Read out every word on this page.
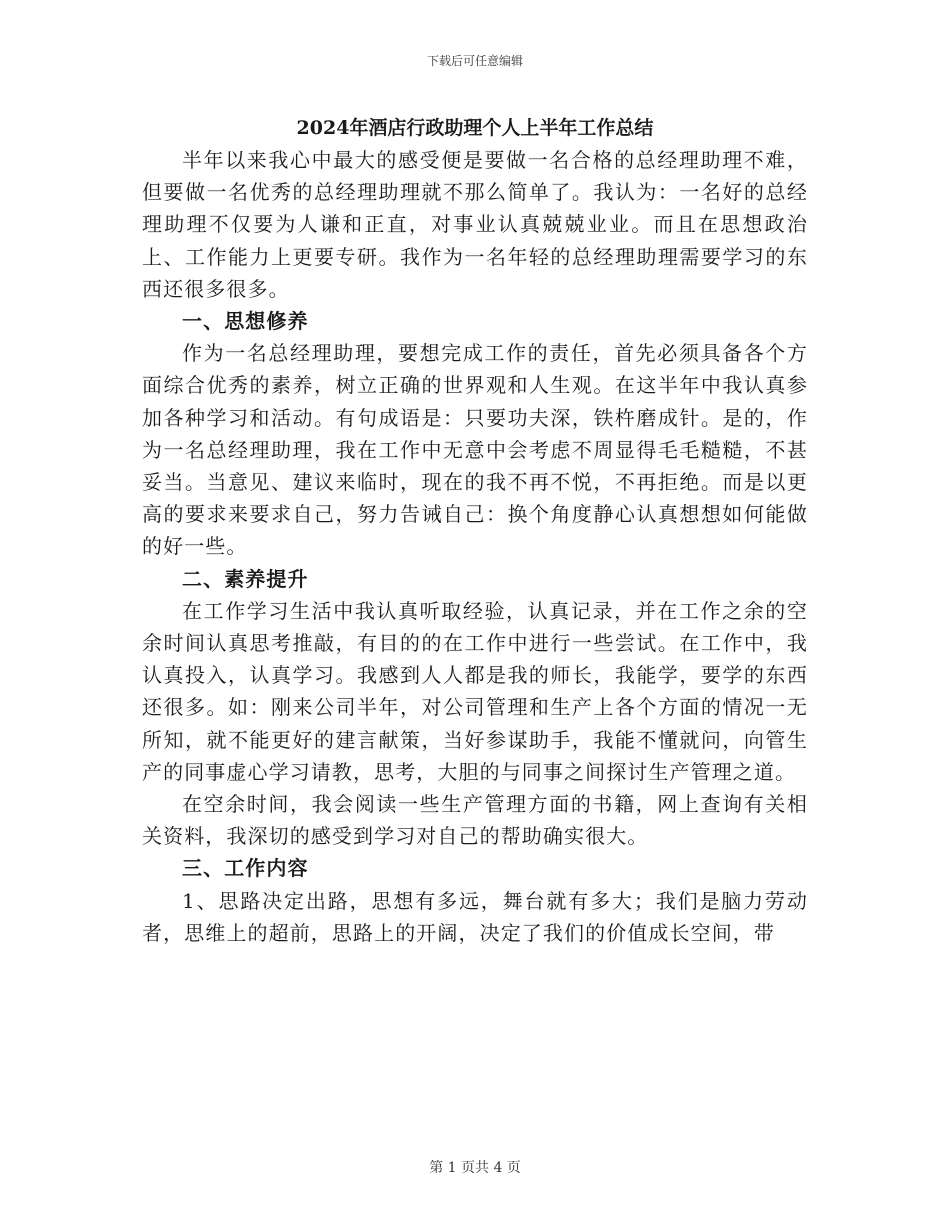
下载后可任意编辑
2024年酒店行政助理个人上半年工作总结

半年以来我心中最大的感受便是要做一名合格的总经理助理不难，但要做一名优秀的总经理助理就不那么简单了。我认为：一名好的总经理助理不仅要为人谦和正直，对事业认真兢兢业业。而且在思想政治上、工作能力上更要专研。我作为一名年轻的总经理助理需要学习的东西还很多很多。

一、思想修养

作为一名总经理助理，要想完成工作的责任，首先必须具备各个方面综合优秀的素养，树立正确的世界观和人生观。在这半年中我认真参加各种学习和活动。有句成语是：只要功夫深，铁杵磨成针。是的，作为一名总经理助理，我在工作中无意中会考虑不周显得毛毛糙糙，不甚妥当。当意见、建议来临时，现在的我不再不悦，不再拒绝。而是以更高的要求来要求自己，努力告诫自己：换个角度静心认真想想如何能做的好一些。

二、素养提升

在工作学习生活中我认真听取经验，认真记录，并在工作之余的空余时间认真思考推敲，有目的的在工作中进行一些尝试。在工作中，我认真投入，认真学习。我感到人人都是我的师长，我能学，要学的东西还很多。如：刚来公司半年，对公司管理和生产上各个方面的情况一无所知，就不能更好的建言献策，当好参谋助手，我能不懂就问，向管生产的同事虚心学习请教，思考，大胆的与同事之间探讨生产管理之道。

在空余时间，我会阅读一些生产管理方面的书籍，网上查询有关相关资料，我深切的感受到学习对自己的帮助确实很大。

三、工作内容

1、思路决定出路，思想有多远，舞台就有多大；我们是脑力劳动者，思维上的超前，思路上的开阔，决定了我们的价值成长空间，带

第 1 页共 4 页
